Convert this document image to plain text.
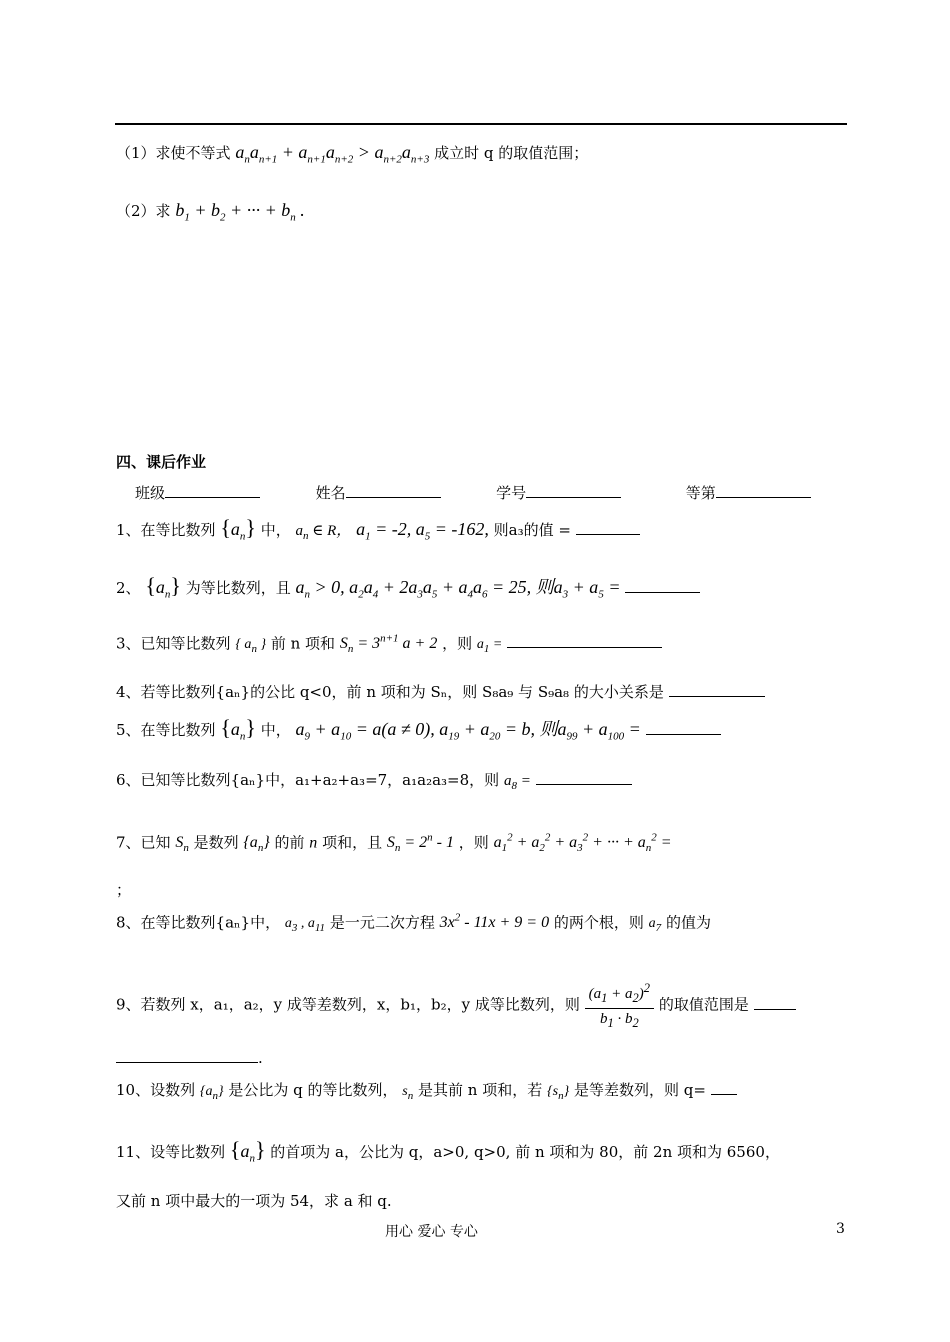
（1）求使不等式 $a_na_{n+1} + a_{n+1}a_{n+2} > a_{n+2}a_{n+3}$ 成立时 q 的取值范围；
（2）求 $b_1 + b_2$ + ··· + $b_n$ .
四、课后作业
班级	姓名	学号	等第
1、在等比数列 $\{a_n\}$ 中， $a_n$ ∈ R， $a_1 = -2$, $a_5 = -162$, 则a₃的值 =
2、 $\{a_n\}$ 为等比数列，且 $a_n > 0$, $a_2a_4 + 2a_3a_5 + a_4a_6 = 25$, 则$a_3 + a_5$ =
3、已知等比数列 { $a_n$ } 前 n 项和 $S_n = 3^{n+1}$ a + 2 ，则 $a_1$ =
4、若等比数列{aₙ}的公比 q<0，前 n 项和为 Sₙ，则 S₈a₉ 与 S₉a₈ 的大小关系是
5、在等比数列 $\{a_n\}$ 中， $a_9 + a_{10} = a(a \ne 0)$, $a_{19} + a_{20} = b$, 则$a_{99} + a_{100}$ =
6、已知等比数列{aₙ}中，a₁+a₂+a₃=7，a₁a₂a₃=8，则 $a_8$ =
7、已知 $S_n$ 是数列 $\{a_n\}$ 的前 n 项和，且 $S_n = 2^n - 1$ ，则 $a_1^2 + a_2^2 + a_3^2$ + ··· + $a_n^2$ =
；
8、在等比数列{aₙ}中， $a_3$ , $a_{11}$ 是一元二次方程 $3x^2 - 11x + 9 = 0$ 的两个根，则 $a_7$ 的值为
9、若数列 x，a₁，a₂，y 成等差数列，x，b₁，b₂，y 成等比数列，则 $\frac{(a_1 + a_2)^2}{b_1 \cdot b_2}$ 的取值范围是
.
10、设数列 $\{a_n\}$ 是公比为 q 的等比数列， $s_n$ 是其前 n 项和，若 $\{s_n\}$ 是等差数列，则 q=
11、设等比数列 $\{a_n\}$ 的首项为 a，公比为 q，a>0, q>0, 前 n 项和为 80，前 2n 项和为 6560，
又前 n 项中最大的一项为 54，求 a 和 q.
用心 爱心 专心	3
